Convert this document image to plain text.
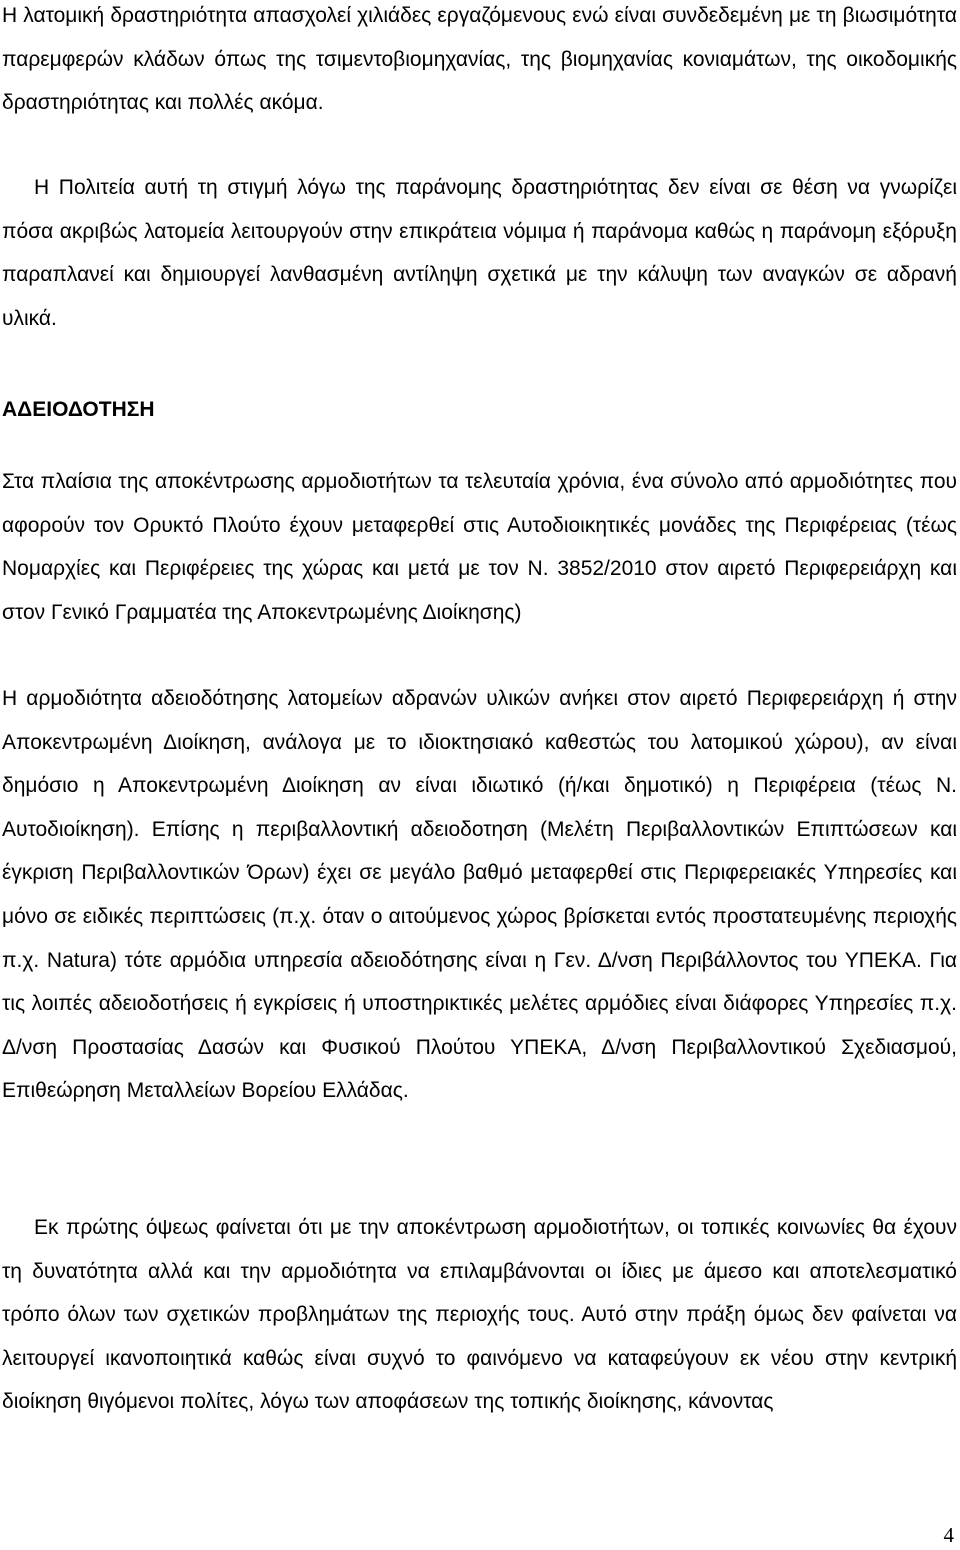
Η λατομική δραστηριότητα απασχολεί χιλιάδες εργαζόμενους ενώ είναι συνδεδεμένη με τη βιωσιμότητα παρεμφερών κλάδων όπως της τσιμεντοβιομηχανίας, της βιομηχανίας κονιαμάτων, της οικοδομικής δραστηριότητας και πολλές ακόμα.

Η Πολιτεία αυτή τη στιγμή λόγω της παράνομης δραστηριότητας δεν είναι σε θέση να γνωρίζει πόσα ακριβώς λατομεία λειτουργούν στην επικράτεια νόμιμα ή παράνομα καθώς η παράνομη εξόρυξη παραπλανεί και δημιουργεί λανθασμένη αντίληψη σχετικά με την κάλυψη των αναγκών σε αδρανή υλικά.

ΑΔΕΙΟΔΟΤΗΣΗ

Στα πλαίσια της αποκέντρωσης αρμοδιοτήτων τα τελευταία χρόνια, ένα σύνολο από αρμοδιότητες που αφορούν τον Ορυκτό Πλούτο έχουν μεταφερθεί στις Αυτοδιοικητικές μονάδες της Περιφέρειας (τέως Νομαρχίες και Περιφέρειες της χώρας και μετά με τον Ν. 3852/2010 στον αιρετό Περιφερειάρχη και στον Γενικό Γραμματέα της Αποκεντρωμένης Διοίκησης)

Η αρμοδιότητα αδειοδότησης λατομείων αδρανών υλικών ανήκει στον αιρετό Περιφερειάρχη ή στην Αποκεντρωμένη Διοίκηση, ανάλογα με το ιδιοκτησιακό καθεστώς του λατομικού χώρου), αν είναι δημόσιο η Αποκεντρωμένη Διοίκηση αν είναι ιδιωτικό (ή/και δημοτικό) η Περιφέρεια (τέως Ν. Αυτοδιοίκηση). Επίσης η περιβαλλοντική αδειοδοτηση (Μελέτη Περιβαλλοντικών Επιπτώσεων και έγκριση Περιβαλλοντικών Όρων) έχει σε μεγάλο βαθμό μεταφερθεί στις Περιφερειακές Υπηρεσίες και μόνο σε ειδικές περιπτώσεις (π.χ. όταν ο αιτούμενος χώρος βρίσκεται εντός προστατευμένης περιοχής π.χ. Natura) τότε αρμόδια υπηρεσία αδειοδότησης είναι η Γεν. Δ/νση Περιβάλλοντος του ΥΠΕΚΑ. Για τις λοιπές αδειοδοτήσεις ή εγκρίσεις ή υποστηρικτικές μελέτες αρμόδιες είναι διάφορες Υπηρεσίες π.χ. Δ/νση Προστασίας Δασών και Φυσικού Πλούτου ΥΠΕΚΑ, Δ/νση Περιβαλλοντικού Σχεδιασμού, Επιθεώρηση Μεταλλείων Βορείου Ελλάδας.

Εκ πρώτης όψεως φαίνεται ότι με την αποκέντρωση αρμοδιοτήτων, οι τοπικές κοινωνίες θα έχουν τη δυνατότητα αλλά και την αρμοδιότητα να επιλαμβάνονται οι ίδιες με άμεσο και αποτελεσματικό τρόπο όλων των σχετικών προβλημάτων της περιοχής τους. Αυτό στην πράξη όμως δεν φαίνεται να λειτουργεί ικανοποιητικά καθώς είναι συχνό το φαινόμενο να καταφεύγουν εκ νέου στην κεντρική διοίκηση θιγόμενοι πολίτες, λόγω των αποφάσεων της τοπικής διοίκησης, κάνοντας

4
